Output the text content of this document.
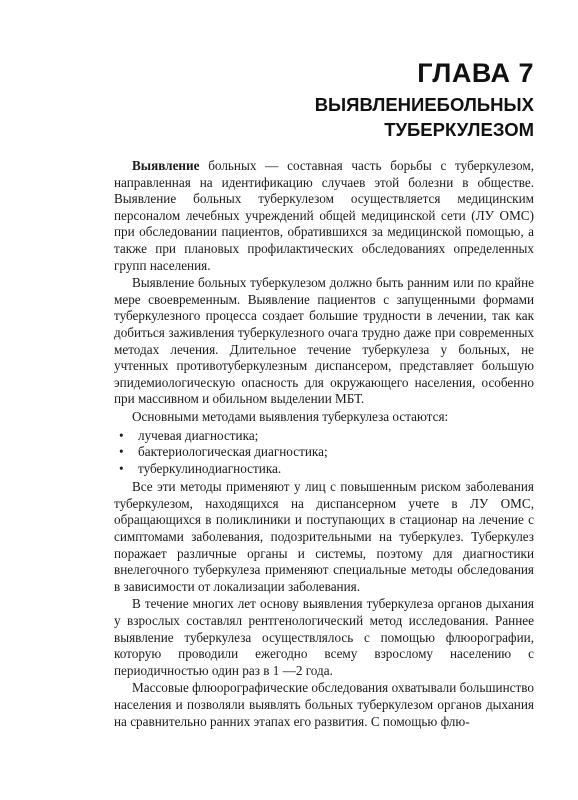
ГЛАВА 7
ВЫЯВЛЕНИЕБОЛЬНЫХ
ТУБЕРКУЛЕЗОМ

Выявление больных — составная часть борьбы с туберкулезом, направленная на идентификацию случаев этой болезни в обществе. Выявление больных туберкулезом осуществляется медицинским персоналом лечебных учреждений общей медицинской сети (ЛУ ОМС) при обследовании пациентов, обратившихся за медицинской помощью, а также при плановых профилактических обследованиях определенных групп населения.

Выявление больных туберкулезом должно быть ранним или по крайне мере своевременным. Выявление пациентов с запущенными формами туберкулезного процесса создает большие трудности в лечении, так как добиться заживления туберкулезного очага трудно даже при современных методах лечения. Длительное течение туберкулеза у больных, не учтенных противотуберкулезным диспансером, представляет большую эпидемиологическую опасность для окружающего населения, особенно при массивном и обильном выделении МБТ.

Основными методами выявления туберкулеза остаются:

• лучевая диагностика;
• бактериологическая диагностика;
• туберкулинодиагностика.

Все эти методы применяют у лиц с повышенным риском заболевания туберкулезом, находящихся на диспансерном учете в ЛУ ОМС, обращающихся в поликлиники и поступающих в стационар на лечение с симптомами заболевания, подозрительными на туберкулез. Туберкулез поражает различные органы и системы, поэтому для диагностики внелегочного туберкулеза применяют специальные методы обследования в зависимости от локализации заболевания.

В течение многих лет основу выявления туберкулеза органов дыхания у взрослых составлял рентгенологический метод исследования. Раннее выявление туберкулеза осуществлялось с помощью флюорографии, которую проводили ежегодно всему взрослому населению с периодичностью один раз в 1 —2 года.

Массовые флюорографические обследования охватывали большинство населения и позволяли выявлять больных туберкулезом органов дыхания на сравнительно ранних этапах его развития. С помощью флю-
